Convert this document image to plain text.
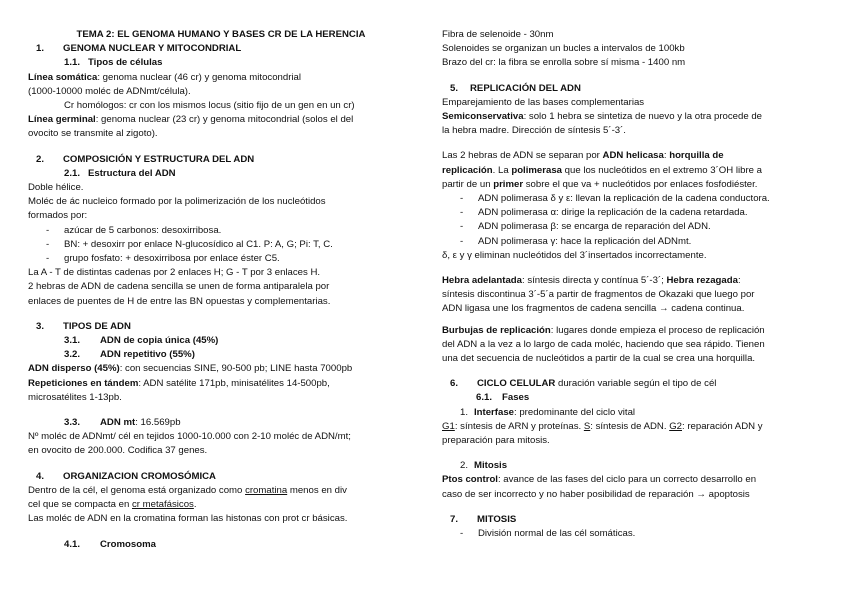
TEMA 2: EL GENOMA HUMANO Y BASES CR DE LA HERENCIA

1. GENOMA NUCLEAR Y MITOCONDRIAL

1.1. Tipos de células

Línea somática: genoma nuclear (46 cr) y genoma mitocondrial

(1000-10000 moléc de ADNmt/célula).

Cr homólogos: cr con los mismos locus (sitio fijo de un gen en un cr)

Línea germinal: genoma nuclear (23 cr) y genoma mitocondrial (solos el del

ovocito se transmite al zigoto).

2. COMPOSICIÓN Y ESTRUCTURA DEL ADN

2.1. Estructura del ADN

Doble hélice.

Moléc de ác nucleico formado por la polimerización de los nucleótidos

formados por:

- azúcar de 5 carbonos: desoxirribosa.

- BN: + desoxirr por enlace N-glucosídico al C1. P: A, G; Pi: T, C.

- grupo fosfato: + desoxirribosa por enlace éster C5.

La A - T de distintas cadenas por 2 enlaces H; G - T por 3 enlaces H.

2 hebras de ADN de cadena sencilla se unen de forma antiparalela por

enlaces de puentes de H de entre las BN opuestas y complementarias.

3. TIPOS DE ADN

3.1. ADN de copia única (45%)

3.2. ADN repetitivo (55%)

ADN disperso (45%): con secuencias SINE, 90-500 pb; LINE hasta 7000pb

Repeticiones en tándem: ADN satélite 171pb, minisatélites 14-500pb,

microsatélites 1-13pb.

3.3. ADN mt: 16.569pb

Nº moléc de ADNmt/ cél en tejidos 1000-10.000 con 2-10 moléc de ADN/mt;

en ovocito de 200.000. Codifica 37 genes.

4. ORGANIZACION CROMOSÓMICA

Dentro de la cél, el genoma está organizado como cromatina menos en div

cel que se compacta en cr metafásicos.

Las moléc de ADN en la cromatina forman las histonas con prot cr básicas.

4.1. Cromosoma

Fibra de selenoide - 30nm

Solenoides se organizan un bucles a intervalos de 100kb

Brazo del cr: la fibra se enrolla sobre sí misma - 1400 nm

5. REPLICACIÓN DEL ADN

Emparejamiento de las bases complementarias

Semiconservativa: solo 1 hebra se sintetiza de nuevo y la otra procede de

la hebra madre. Dirección de síntesis 5´-3´.

Las 2 hebras de ADN se separan por ADN helicasa: horquilla de

replicación. La polimerasa que los nucleótidos en el extremo 3´OH libre a

partir de un primer sobre el que va + nucleótidos por enlaces fosfodiéster.

- ADN polimerasa δ y ε: llevan la replicación de la cadena conductora.

- ADN polimerasa α: dirige la replicación de la cadena retardada.

- ADN polimerasa β: se encarga de reparación del ADN.

- ADN polimerasa γ: hace la replicación del ADNmt.

δ, ε y γ eliminan nucleótidos del 3´insertados incorrectamente.

Hebra adelantada: síntesis directa y contínua 5´-3´; Hebra rezagada:

síntesis discontinua 3´-5´a partir de fragmentos de Okazaki que luego por

ADN ligasa une los fragmentos de cadena sencilla → cadena continua.

Burbujas de replicación: lugares donde empieza el proceso de replicación

del ADN a la vez a lo largo de cada moléc, haciendo que sea rápido. Tienen

una det secuencia de nucleótidos a partir de la cual se crea una horquilla.

6. CICLO CELULAR duración variable según el tipo de cél

6.1. Fases

1. Interfase: predominante del ciclo vital

G1: síntesis de ARN y proteínas. S: síntesis de ADN. G2: reparación ADN y

preparación para mitosis.

2. Mitosis

Ptos control: avance de las fases del ciclo para un correcto desarrollo en

caso de ser incorrecto y no haber posibilidad de reparación → apoptosis

7. MITOSIS

- División normal de las cél somáticas.
